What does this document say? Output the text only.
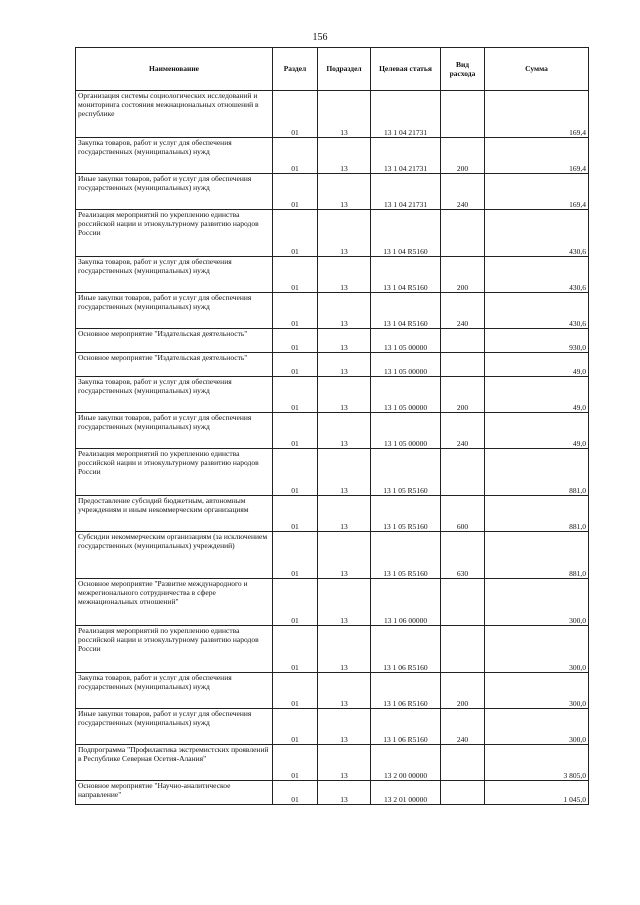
156
Наименование	Раздел	Подраздел	Целевая статья	Вид расхода	Сумма
Организация системы социологических исследований и мониторинга состояния межнациональных отношений в республике	01	13	13 1 04 21731		169,4
Закупка товаров, работ и услуг для обеспечения государственных (муниципальных) нужд	01	13	13 1 04 21731	200	169,4
Иные закупки товаров, работ и услуг для обеспечения государственных (муниципальных) нужд	01	13	13 1 04 21731	240	169,4
Реализация мероприятий по укреплению единства российской нации и этнокультурному развитию народов России	01	13	13 1 04 R5160		430,6
Закупка товаров, работ и услуг для обеспечения государственных (муниципальных) нужд	01	13	13 1 04 R5160	200	430,6
Иные закупки товаров, работ и услуг для обеспечения государственных (муниципальных) нужд	01	13	13 1 04 R5160	240	430,6
Основное мероприятие "Издательская деятельность"	01	13	13 1 05 00000		930,0
Основное мероприятие "Издательская деятельность"	01	13	13 1 05 00000		49,0
Закупка товаров, работ и услуг для обеспечения государственных (муниципальных) нужд	01	13	13 1 05 00000	200	49,0
Иные закупки товаров, работ и услуг для обеспечения государственных (муниципальных) нужд	01	13	13 1 05 00000	240	49,0
Реализация мероприятий по укреплению единства российской нации и этнокультурному развитию народов России	01	13	13 1 05 R5160		881,0
Предоставление субсидий бюджетным, автономным учреждениям и иным некоммерческим организациям	01	13	13 1 05 R5160	600	881,0
Субсидии некоммерческим организациям (за исключением государственных (муниципальных) учреждений)	01	13	13 1 05 R5160	630	881,0
Основное мероприятие "Развитие международного и межрегионального сотрудничества в сфере межнациональных отношений"	01	13	13 1 06 00000		300,0
Реализация мероприятий по укреплению единства российской нации и этнокультурному развитию народов России	01	13	13 1 06 R5160		300,0
Закупка товаров, работ и услуг для обеспечения государственных (муниципальных) нужд	01	13	13 1 06 R5160	200	300,0
Иные закупки товаров, работ и услуг для обеспечения государственных (муниципальных) нужд	01	13	13 1 06 R5160	240	300,0
Подпрограмма "Профилактика экстремистских проявлений в Республике Северная Осетия-Алания"	01	13	13 2 00 00000		3 805,0
Основное мероприятие "Научно-аналитическое направление"	01	13	13 2 01 00000		1 045,0
